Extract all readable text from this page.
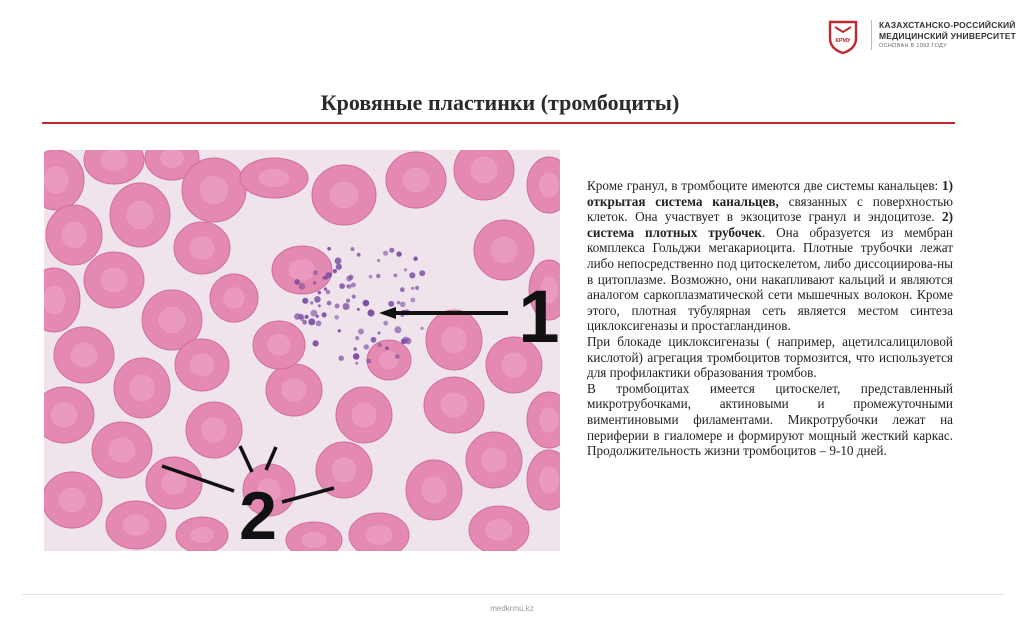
КРМУ
КАЗАХСТАНСКО-РОССИЙСКИЙ
МЕДИЦИНСКИЙ УНИВЕРСИТЕТ
ОСНОВАН В 1992 ГОДУ
Кровяные пластинки (тромбоциты)
1
2

Кроме гранул, в тромбоците имеются две системы канальцев: 1) открытая система канальцев, связанных с поверхностью клеток. Она участвует в экзоцитозе гранул и эндоцитозе. 2) система плотных трубочек. Она образуется из мембран комплекса Гольджи мегакариоцита. Плотные трубочки лежат либо непосредственно под цитоскелетом, либо диссоциирова-ны в цитоплазме. Возможно, они накапливают кальций и являются аналогом саркоплазматической сети мышечных волокон. Кроме этого, плотная тубулярная сеть является местом синтеза циклоксигеназы и простагландинов.

При блокаде циклоксигеназы ( например, ацетилсалициловой кислотой) агрегация тромбоцитов тормозится, что используется для профилактики образования тромбов.

В тромбоцитах имеется цитоскелет, представленный микротрубочками, актиновыми и промежуточными виментиновыми филаментами. Микротрубочки лежат на периферии в гиаломере и формируют мощный жесткий каркас. Продолжительность жизни тромбоцитов – 9-10 дней.

medkrmu.kz
